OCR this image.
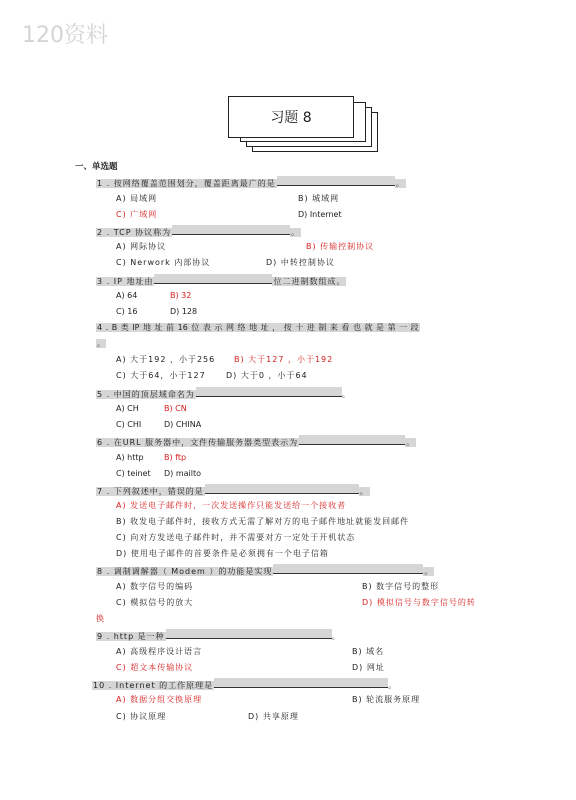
120资料
习题 8
一、单选题
1 . 按网络覆盖范围划分，覆盖距离最广的是	。
A) 局域网	B) 城域网
C) 广域网	D) Internet
2 . TCP 协议称为	。
A) 网际协议	B) 传输控制协议
C) Nerwork 内部协议	D) 中转控制协议
3 . IP 地址由	位二进制数组成。
A) 64	B) 32
C) 16	D) 128
4 . B 类 IP 地 址 前 16 位 表 示 网 络 地 址 ， 按 十 进 制 来 看 也 就 是 第 一 段
。
A) 大于192 ，小于256 B) 大于127 ，小于192
C) 大于64，小于127	D) 大于0 ，小于64
5 . 中国的顶层域命名为	。
A) CH	B) CN
C) CHI	D) CHINA
6 . 在URL 服务器中，文件传输服务器类型表示为	。
A) http	B) ftp
C) teinet D) mailto
7 . 下列叙述中，错误的是	。
A) 发送电子邮件时，一次发送操作只能发送给一个接收者
B) 收发电子邮件时，接收方式无需了解对方的电子邮件地址就能发回邮件
C) 向对方发送电子邮件时，并不需要对方一定处于开机状态
D) 使用电子邮件的首要条件是必须拥有一个电子信箱
8 . 调制调解器（ Modem ）的功能是实现	。
A) 数字信号的编码	B) 数字信号的整形
C) 模拟信号的放大	D) 模拟信号与数字信号的转
换
9 . http 是一种	。
A) 高级程序设计语言	B) 域名
C) 超文本传输协议	D) 网址
10 . Internet 的工作原理是	。
A) 数据分组交换原理	B) 轮流服务原理
C) 协议原理	D) 共享原理
